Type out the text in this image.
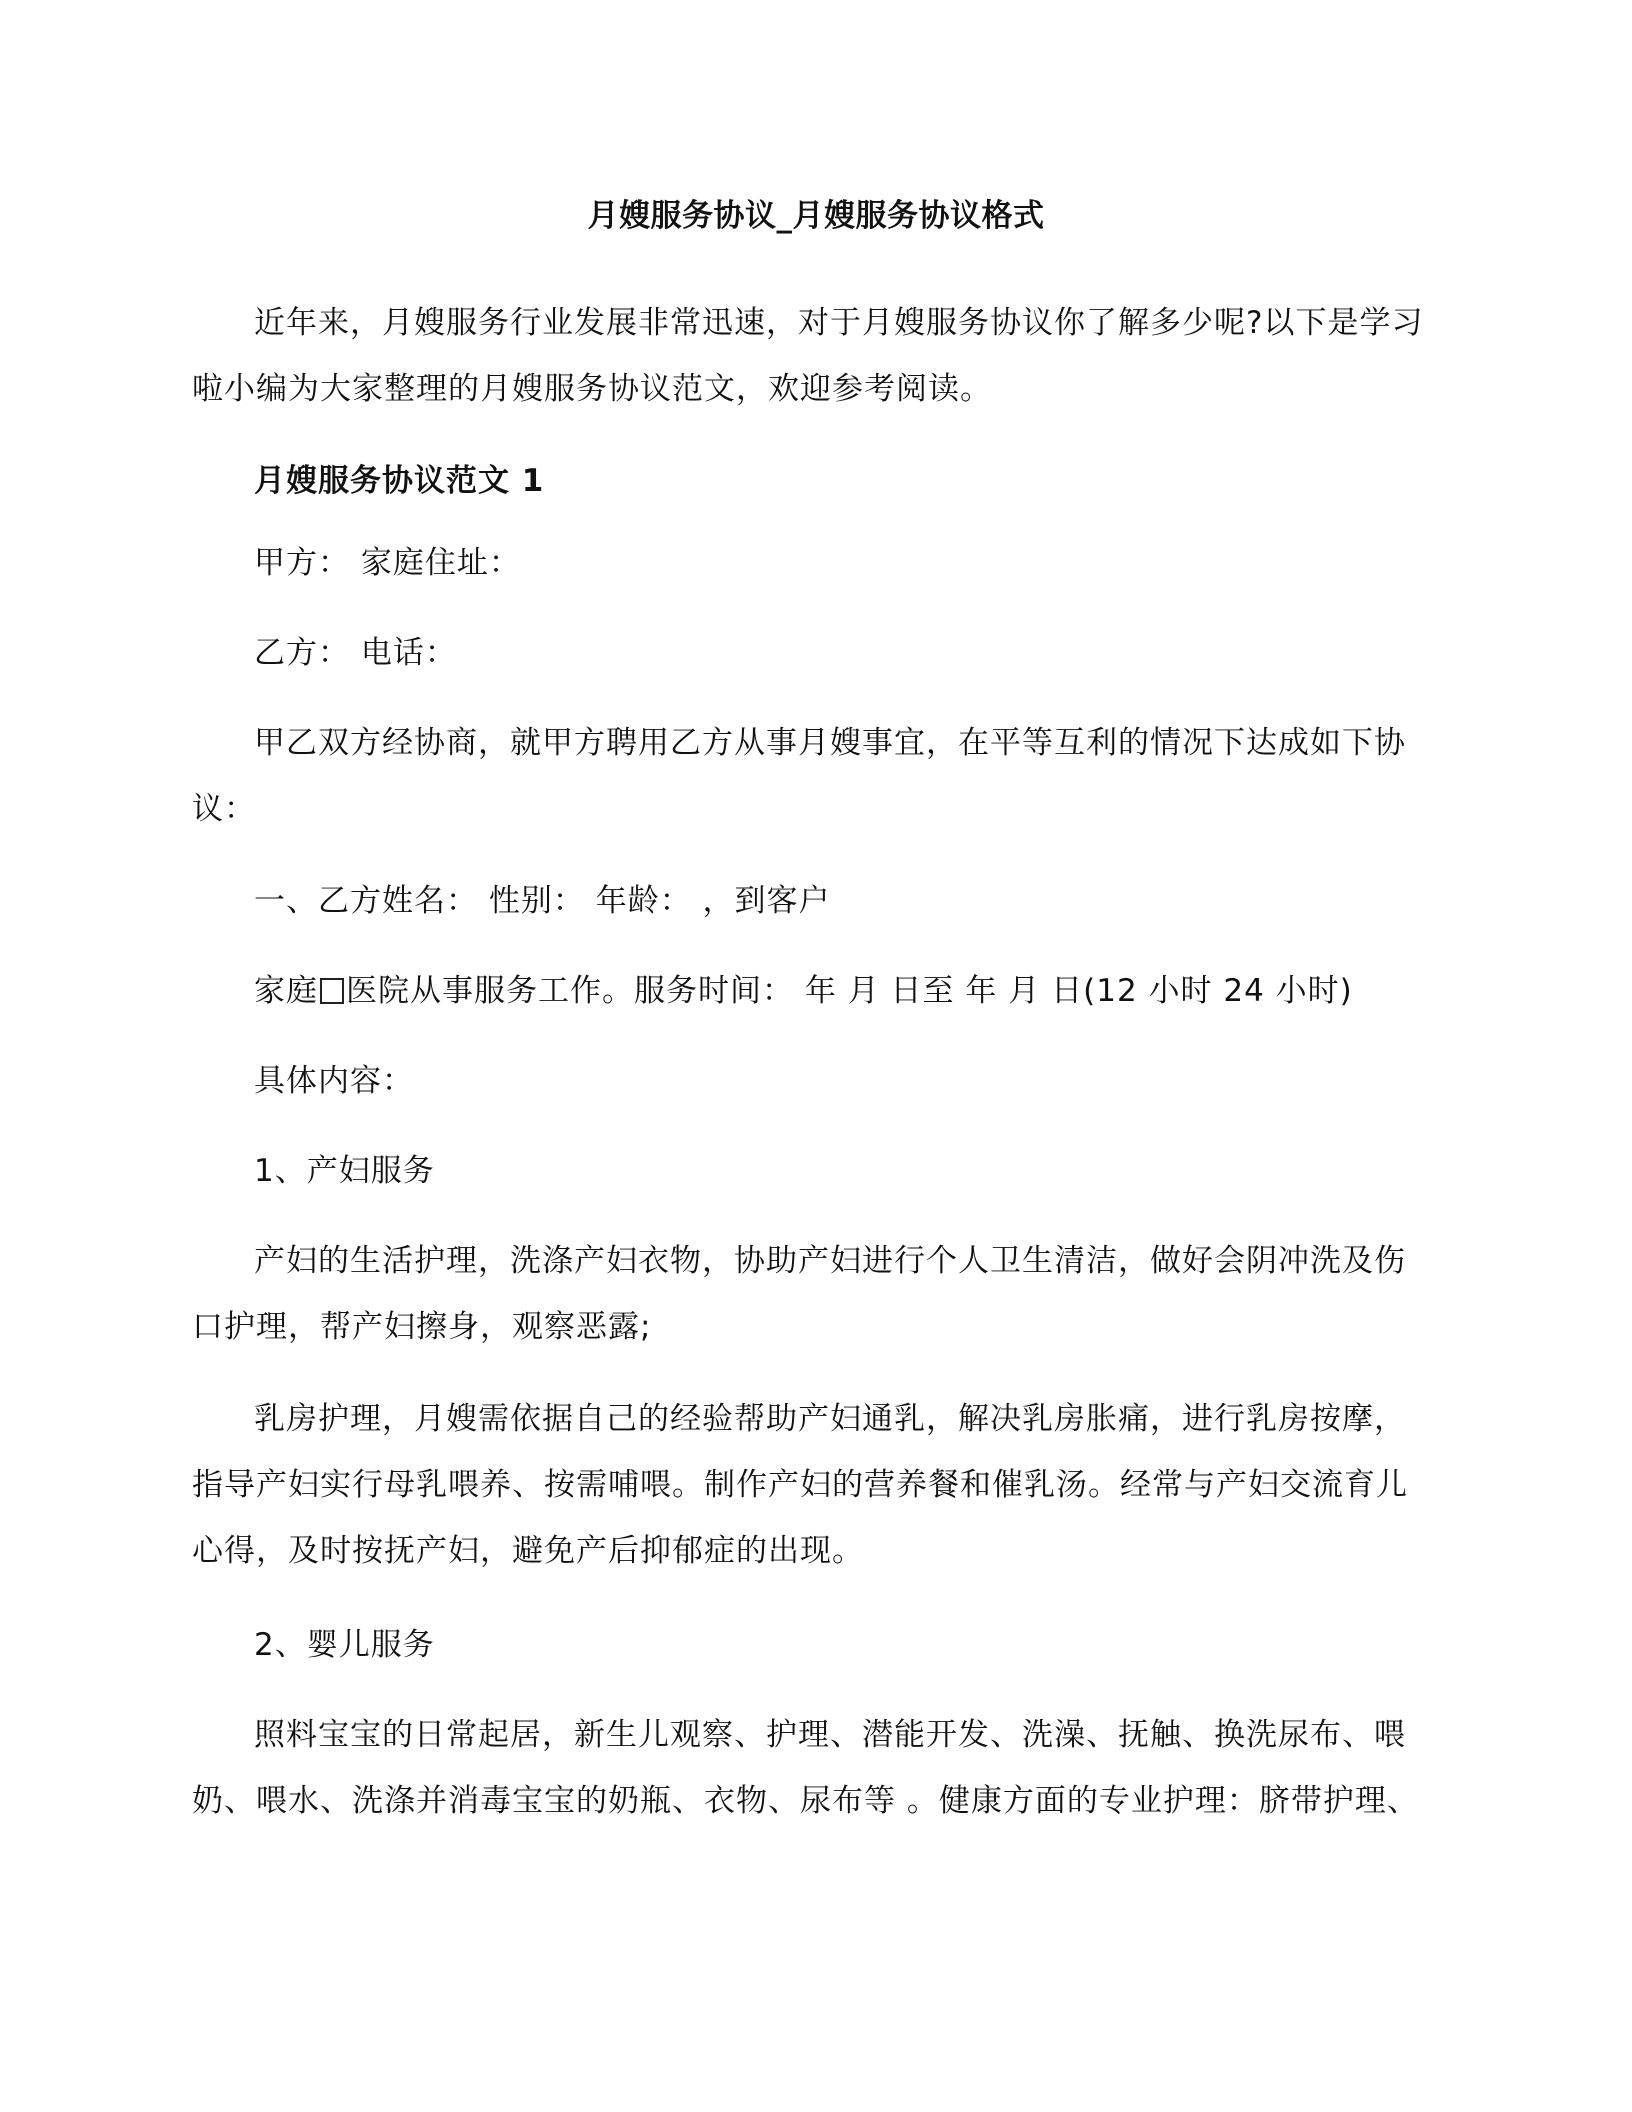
月嫂服务协议_月嫂服务协议格式
近年来，月嫂服务行业发展非常迅速，对于月嫂服务协议你了解多少呢?以下是学习啦小编为大家整理的月嫂服务协议范文，欢迎参考阅读。
月嫂服务协议范文 1
甲方： 家庭住址：
乙方： 电话：
甲乙双方经协商，就甲方聘用乙方从事月嫂事宜，在平等互利的情况下达成如下协议：
一、乙方姓名： 性别： 年龄： ，到客户
家庭 医院从事服务工作。服务时间： 年 月 日至 年 月 日(12 小时 24 小时)
具体内容：
1、产妇服务
产妇的生活护理，洗涤产妇衣物，协助产妇进行个人卫生清洁，做好会阴冲洗及伤口护理，帮产妇擦身，观察恶露;
乳房护理，月嫂需依据自己的经验帮助产妇通乳，解决乳房胀痛，进行乳房按摩，指导产妇实行母乳喂养、按需哺喂。制作产妇的营养餐和催乳汤。经常与产妇交流育儿心得，及时按抚产妇，避免产后抑郁症的出现。
2、婴儿服务
照料宝宝的日常起居，新生儿观察、护理、潜能开发、洗澡、抚触、换洗尿布、喂奶、喂水、洗涤并消毒宝宝的奶瓶、衣物、尿布等 。健康方面的专业护理：脐带护理、
